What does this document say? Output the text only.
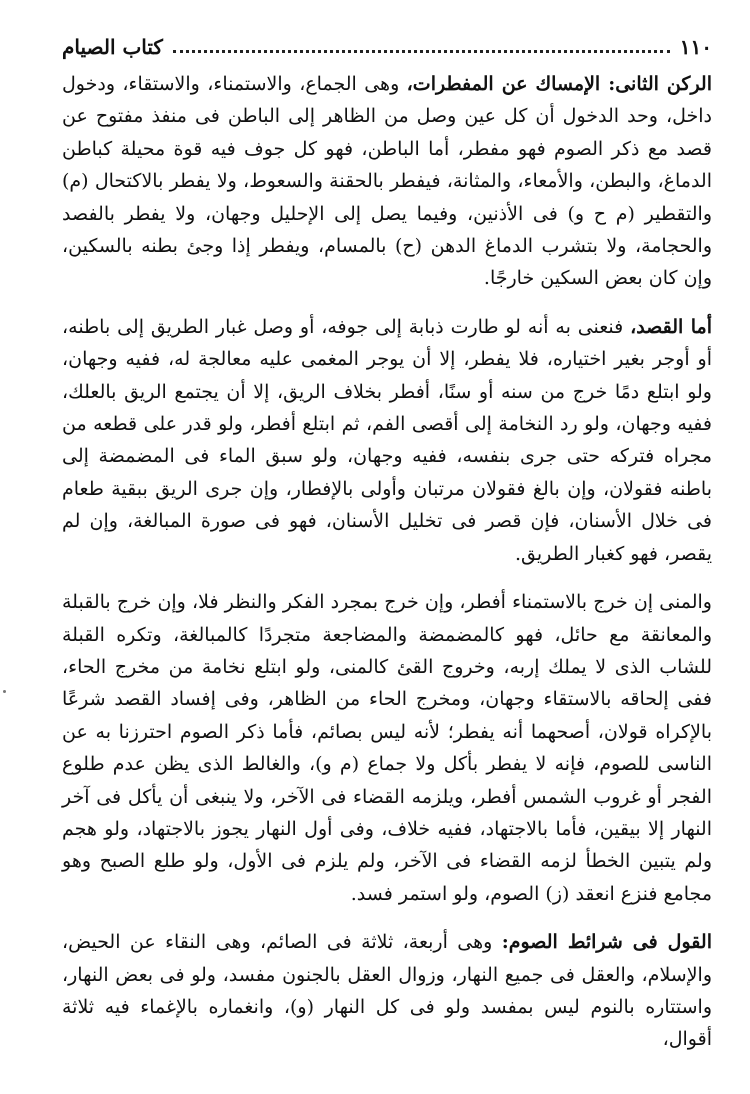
١١٠
كتاب الصيام

الركن الثانى: الإمساك عن المفطرات، وهى الجماع، والاستمناء، والاستقاء، ودخول داخل، وحد الدخول أن كل عين وصل من الظاهر إلى الباطن فى منفذ مفتوح عن قصد مع ذكر الصوم فهو مفطر، أما الباطن، فهو كل جوف فيه قوة محيلة كباطن الدماغ، والبطن، والأمعاء، والمثانة، فيفطر بالحقنة والسعوط، ولا يفطر بالاكتحال (م) والتقطير (م ح و) فى الأذنين، وفيما يصل إلى الإحليل وجهان، ولا يفطر بالفصد والحجامة، ولا بتشرب الدماغ الدهن (ح) بالمسام، ويفطر إذا وجئ بطنه بالسكين، وإن كان بعض السكين خارجًا.

أما القصد، فنعنى به أنه لو طارت ذبابة إلى جوفه، أو وصل غبار الطريق إلى باطنه، أو أوجر بغير اختياره، فلا يفطر، إلا أن يوجر المغمى عليه معالجة له، ففيه وجهان، ولو ابتلع دمًا خرج من سنه أو سنًا، أفطر بخلاف الريق، إلا أن يجتمع الريق بالعلك، ففيه وجهان، ولو رد النخامة إلى أقصى الفم، ثم ابتلع أفطر، ولو قدر على قطعه من مجراه فتركه حتى جرى بنفسه، ففيه وجهان، ولو سبق الماء فى المضمضة إلى باطنه فقولان، وإن بالغ فقولان مرتبان وأولى بالإفطار، وإن جرى الريق ببقية طعام فى خلال الأسنان، فإن قصر فى تخليل الأسنان، فهو فى صورة المبالغة، وإن لم يقصر، فهو كغبار الطريق.

والمنى إن خرج بالاستمناء أفطر، وإن خرج بمجرد الفكر والنظر فلا، وإن خرج بالقبلة والمعانقة مع حائل، فهو كالمضمضة والمضاجعة متجردًا كالمبالغة، وتكره القبلة للشاب الذى لا يملك إربه، وخروج القئ كالمنى، ولو ابتلع نخامة من مخرج الحاء، ففى إلحاقه بالاستقاء وجهان، ومخرج الحاء من الظاهر، وفى إفساد القصد شرعًا بالإكراه قولان، أصحهما أنه يفطر؛ لأنه ليس بصائم، فأما ذكر الصوم احترزنا به عن الناسى للصوم، فإنه لا يفطر بأكل ولا جماع (م و)، والغالط الذى يظن عدم طلوع الفجر أو غروب الشمس أفطر، ويلزمه القضاء فى الآخر، ولا ينبغى أن يأكل فى آخر النهار إلا بيقين، فأما بالاجتهاد، ففيه خلاف، وفى أول النهار يجوز بالاجتهاد، ولو هجم ولم يتبين الخطأ لزمه القضاء فى الآخر، ولم يلزم فى الأول، ولو طلع الصبح وهو مجامع فنزع انعقد (ز) الصوم، ولو استمر فسد.

القول فى شرائط الصوم: وهى أربعة، ثلاثة فى الصائم، وهى النقاء عن الحيض، والإسلام، والعقل فى جميع النهار، وزوال العقل بالجنون مفسد، ولو فى بعض النهار، واستتاره بالنوم ليس بمفسد ولو فى كل النهار (و)، وانغماره بالإغماء فيه ثلاثة أقوال،
